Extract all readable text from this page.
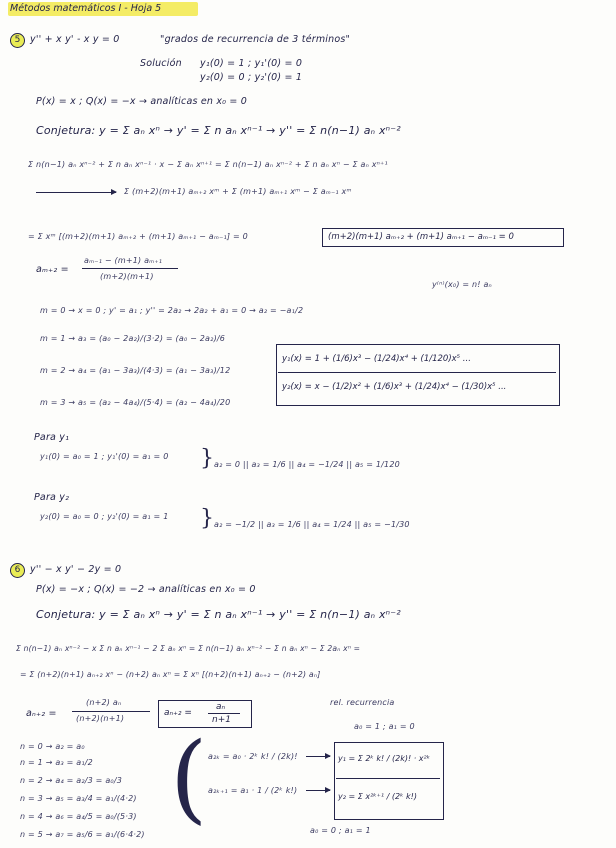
Métodos matemáticos I - Hoja 5
5	y'' + x y' - x y = 0	"grados de recurrencia de 3 términos"
Solución y₁(0) = 1 ; y₁'(0) = 0
y₂(0) = 0 ; y₂'(0) = 1
P(x) = x ; Q(x) = −x → analíticas en x₀ = 0
Conjetura: y = Σ aₙ xⁿ → y' = Σ n aₙ xⁿ⁻¹ → y'' = Σ n(n−1) aₙ xⁿ⁻²
Σ n(n−1) aₙ xⁿ⁻² + Σ n aₙ xⁿ⁻¹ · x − Σ aₙ xⁿ⁺¹ = Σ n(n−1) aₙ xⁿ⁻² + Σ n aₙ xⁿ − Σ aₙ xⁿ⁺¹
Σ (m+2)(m+1) aₘ₊₂ xᵐ + Σ (m+1) aₘ₊₁ xᵐ − Σ aₘ₋₁ xᵐ
= Σ xᵐ [(m+2)(m+1) aₘ₊₂ + (m+1) aₘ₊₁ − aₘ₋₁] = 0	(m+2)(m+1) aₘ₊₂ + (m+1) aₘ₊₁ − aₘ₋₁ = 0
aₘ₊₂ =
aₘ₋₁ − (m+1) aₘ₊₁
(m+2)(m+1)
y⁽ⁿ⁾(x₀) = n! aₙ
m = 0 → x = 0 ; y' = a₁ ; y'' = 2a₂ → 2a₂ + a₁ = 0 → a₂ = −a₁/2
m = 1 → a₃ = (a₀ − 2a₂)/(3·2) = (a₀ − 2a₂)/6
m = 2 → a₄ = (a₁ − 3a₃)/(4·3) = (a₁ − 3a₃)/12
m = 3 → a₅ = (a₂ − 4a₄)/(5·4) = (a₂ − 4a₄)/20
y₁(x) = 1 + (1/6)x³ − (1/24)x⁴ + (1/120)x⁵ ...
y₂(x) = x − (1/2)x² + (1/6)x³ + (1/24)x⁴ − (1/30)x⁵ ...
Para y₁
y₁(0) = a₀ = 1 ; y₁'(0) = a₁ = 0 } a₂ = 0 || a₃ = 1/6 || a₄ = −1/24 || a₅ = 1/120
Para y₂
y₂(0) = a₀ = 0 ; y₂'(0) = a₁ = 1 } a₂ = −1/2 || a₃ = 1/6 || a₄ = 1/24 || a₅ = −1/30
6	y'' − x y' − 2y = 0
P(x) = −x ; Q(x) = −2 → analíticas en x₀ = 0
Conjetura: y = Σ aₙ xⁿ → y' = Σ n aₙ xⁿ⁻¹ → y'' = Σ n(n−1) aₙ xⁿ⁻²
Σ n(n−1) aₙ xⁿ⁻² − x Σ n aₙ xⁿ⁻¹ − 2 Σ aₙ xⁿ = Σ n(n−1) aₙ xⁿ⁻² − Σ n aₙ xⁿ − Σ 2aₙ xⁿ =
= Σ (n+2)(n+1) aₙ₊₂ xⁿ − (n+2) aₙ xⁿ = Σ xⁿ [(n+2)(n+1) aₙ₊₂ − (n+2) aₙ]
rel. recurrencia
aₙ₊₂ =
(n+2) aₙ
(n+2)(n+1)
aₙ₊₂ =
aₙ
n+1
a₀ = 1 ; a₁ = 0
n = 0 → a₂ = a₀
n = 1 → a₃ = a₁/2
n = 2 → a₄ = a₂/3 = a₀/3
n = 3 → a₅ = a₃/4 = a₁/(4·2)
n = 4 → a₆ = a₄/5 = a₀/(5·3)
n = 5 → a₇ = a₅/6 = a₁/(6·4·2)
( a₂ₖ = a₀ · 2ᵏ k! / (2k)!
a₂ₖ₊₁ = a₁ · 1 / (2ᵏ k!)
y₁ = Σ 2ᵏ k! / (2k)! · x²ᵏ
y₂ = Σ x²ᵏ⁺¹ / (2ᵏ k!)
a₀ = 0 ; a₁ = 1
